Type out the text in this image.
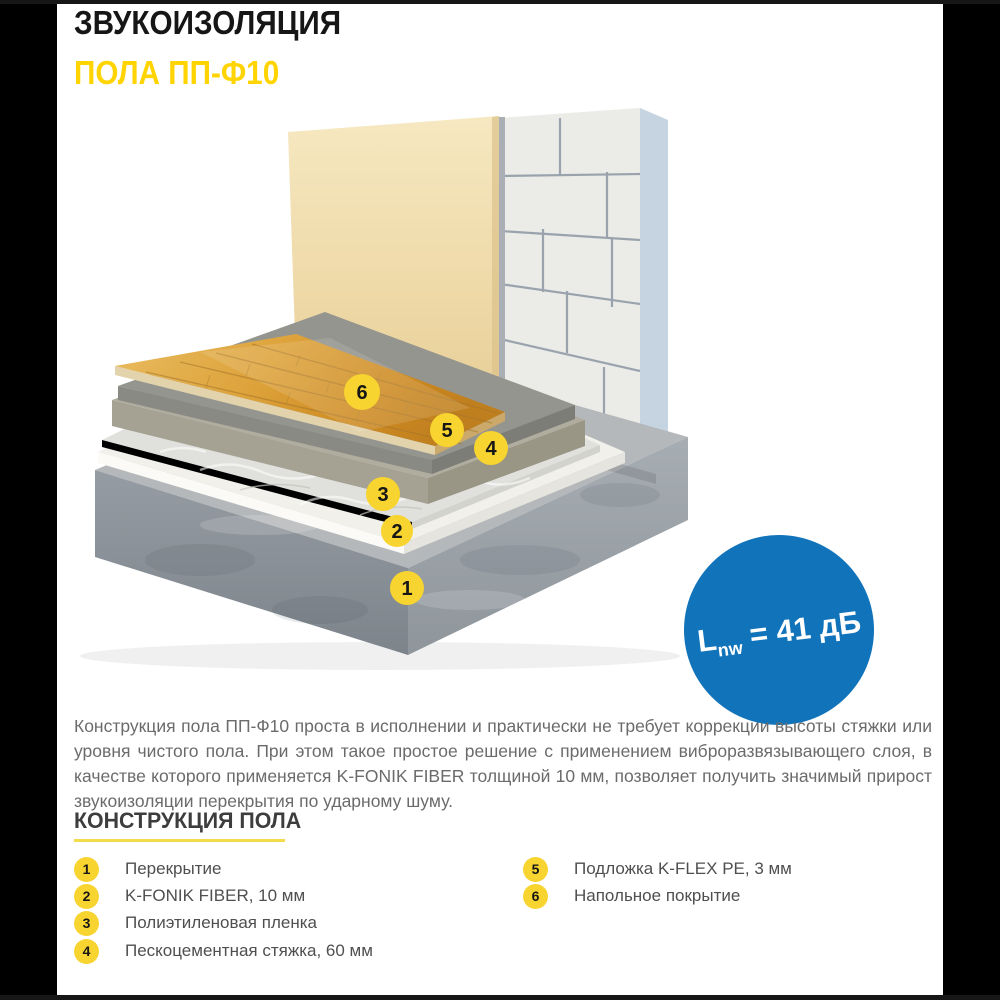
ЗВУКОИЗОЛЯЦИЯ
ПОЛА ПП-Ф10
6
5
4
3
2
1
$L_{nw} = 41$ дБ
Конструкция пола ПП-Ф10 проста в исполнении и практически не требует коррекции высоты стяжки или уровня чистого пола. При этом такое простое решение с применением виброразвязывающего слоя, в качестве которого применяется K-FONIK FIBER толщиной 10 мм, позволяет получить значимый прирост звукоизоляции перекрытия по ударному шуму.
КОНСТРУКЦИЯ ПОЛА
1	Перекрытие
2	K-FONIK FIBER, 10 мм
3	Полиэтиленовая пленка
4	Пескоцементная стяжка, 60 мм
5	Подложка K-FLEX PE, 3 мм
6	Напольное покрытие
